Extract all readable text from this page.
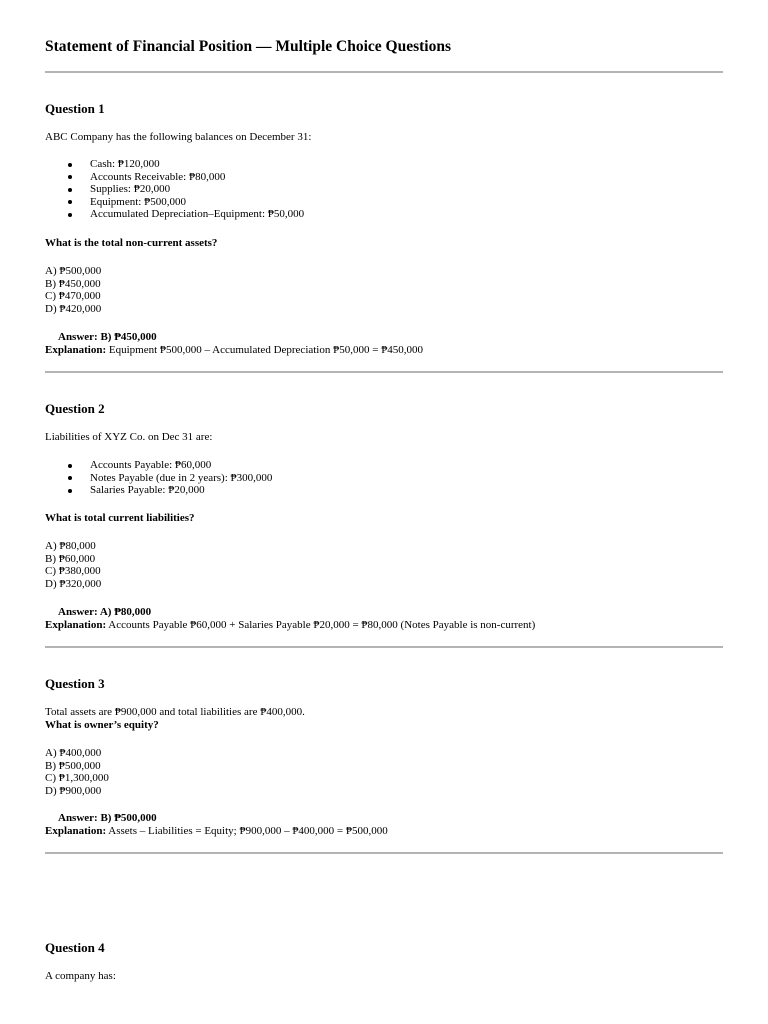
Statement of Financial Position — Multiple Choice Questions
Question 1
ABC Company has the following balances on December 31:
Cash: ₱120,000
Accounts Receivable: ₱80,000
Supplies: ₱20,000
Equipment: ₱500,000
Accumulated Depreciation–Equipment: ₱50,000
What is the total non-current assets?
A) ₱500,000
B) ₱450,000
C) ₱470,000
D) ₱420,000
Answer: B) ₱450,000
Explanation: Equipment ₱500,000 – Accumulated Depreciation ₱50,000 = ₱450,000
Question 2
Liabilities of XYZ Co. on Dec 31 are:
Accounts Payable: ₱60,000
Notes Payable (due in 2 years): ₱300,000
Salaries Payable: ₱20,000
What is total current liabilities?
A) ₱80,000
B) ₱60,000
C) ₱380,000
D) ₱320,000
Answer: A) ₱80,000
Explanation: Accounts Payable ₱60,000 + Salaries Payable ₱20,000 = ₱80,000 (Notes Payable is non-current)
Question 3
Total assets are ₱900,000 and total liabilities are ₱400,000.
What is owner’s equity?
A) ₱400,000
B) ₱500,000
C) ₱1,300,000
D) ₱900,000
Answer: B) ₱500,000
Explanation: Assets – Liabilities = Equity; ₱900,000 – ₱400,000 = ₱500,000
Question 4
A company has:
